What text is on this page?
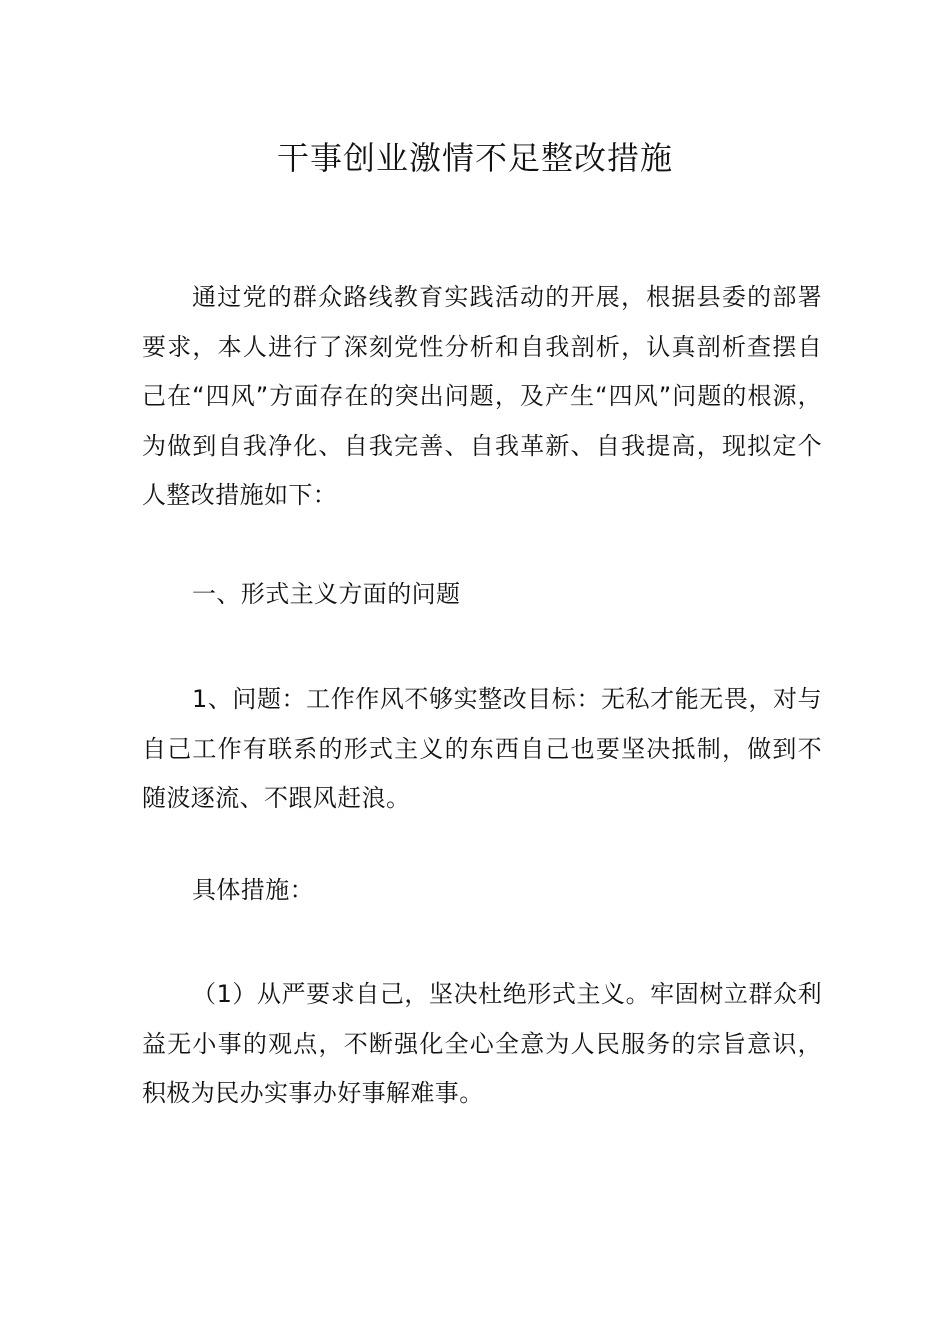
干事创业激情不足整改措施

通过党的群众路线教育实践活动的开展，根据县委的部署要求，本人进行了深刻党性分析和自我剖析，认真剖析查摆自己在“四风”方面存在的突出问题，及产生“四风”问题的根源，为做到自我净化、自我完善、自我革新、自我提高，现拟定个人整改措施如下：

一、形式主义方面的问题

1、问题：工作作风不够实整改目标：无私才能无畏，对与自己工作有联系的形式主义的东西自己也要坚决抵制，做到不随波逐流、不跟风赶浪。

具体措施：

（1）从严要求自己，坚决杜绝形式主义。牢固树立群众利益无小事的观点，不断强化全心全意为人民服务的宗旨意识，积极为民办实事办好事解难事。
